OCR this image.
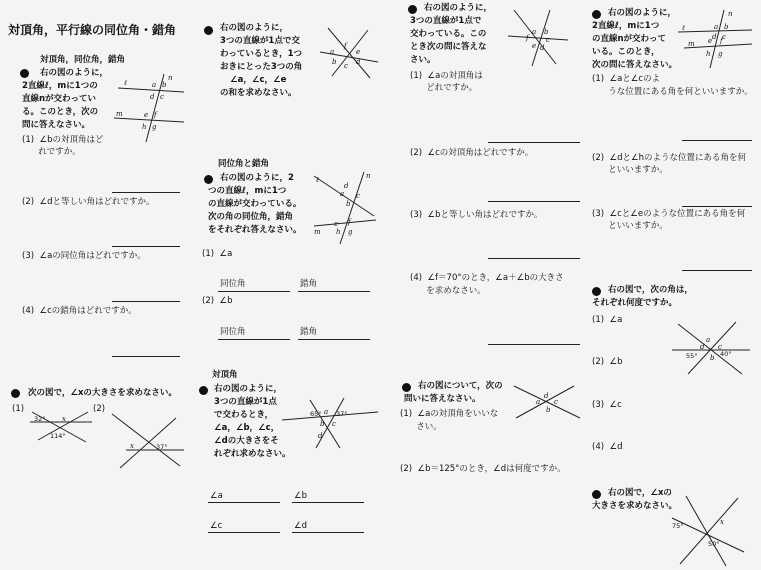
対頂角，平行線の同位角・錯角
対頂角，同位角，錯角
右の図のように，
2直線ℓ，mに1つの
直線nが交わってい
る。このとき，次の
問に答えなさい。
(1)  ∠bの対頂角はど
れですか。
ℓ
m
n
a b
d c
e f
h g
(2)  ∠dと等しい角はどれですか。
(3)  ∠aの同位角はどれですか。
(4)  ∠cの錯角はどれですか。
次の図で，∠xの大きさを求めなさい。
(1)	(2)
32° x
114°
x	37°
右の図のように，
3つの直線が1点で交
わっているとき，1つ
おきにとった3つの角
∠a，∠c，∠e
の和を求めなさい。
a
f
b c d
e
同位角と錯角
右の図のように，2
つの直線ℓ，mに1つ
の直線が交わっている。
次の角の同位角，錯角
をそれぞれ答えなさい。
ℓ
m
n
a
b
d
c
e f
h g
(1)  ∠a
同位角	錯角
(2)  ∠b
同位角	錯角
対頂角
右の図のように，
3つの直線が1点
で交わるとき，
∠a，∠b，∠c，
∠dの大きさをそ
れぞれ求めなさい。
65° a 37°
b c
d
∠a	∠b
∠c	∠d
右の図のように，
3つの直線が1点で
交わっている。この
とき次の問に答えな
さい。
(1)  ∠aの対頂角は
どれですか。
a b
c
d
e
f
(2)  ∠cの対頂角はどれですか。
(3)  ∠bと等しい角はどれですか。
(4)  ∠f＝70°のとき，∠a＋∠bの大きさ
を求めなさい。
右の図について，次の
問いに答えなさい。
(1)  ∠aの対頂角をいいな
さい。
a
d
b
c
(2)  ∠b＝125°のとき，∠dは何度ですか。
右の図のように，
2直線ℓ，mに1つ
の直線nが交わって
いる。このとき，
次の問に答えなさい。
ℓ
m
n
a b
d c
e f
h g
(1)  ∠aと∠cのよ
うな位置にある角を何といいますか。
(2)  ∠dと∠hのような位置にある角を何
といいますか。
(3)  ∠cと∠eのような位置にある角を何
といいますか。
右の図で，次の角は，
それぞれ何度ですか。
(1)  ∠a
a
d c
b
55°	40°
(2)  ∠b
(3)  ∠c
(4)  ∠d
右の図で，∠xの
大きさを求めなさい。
75°	x
50°
